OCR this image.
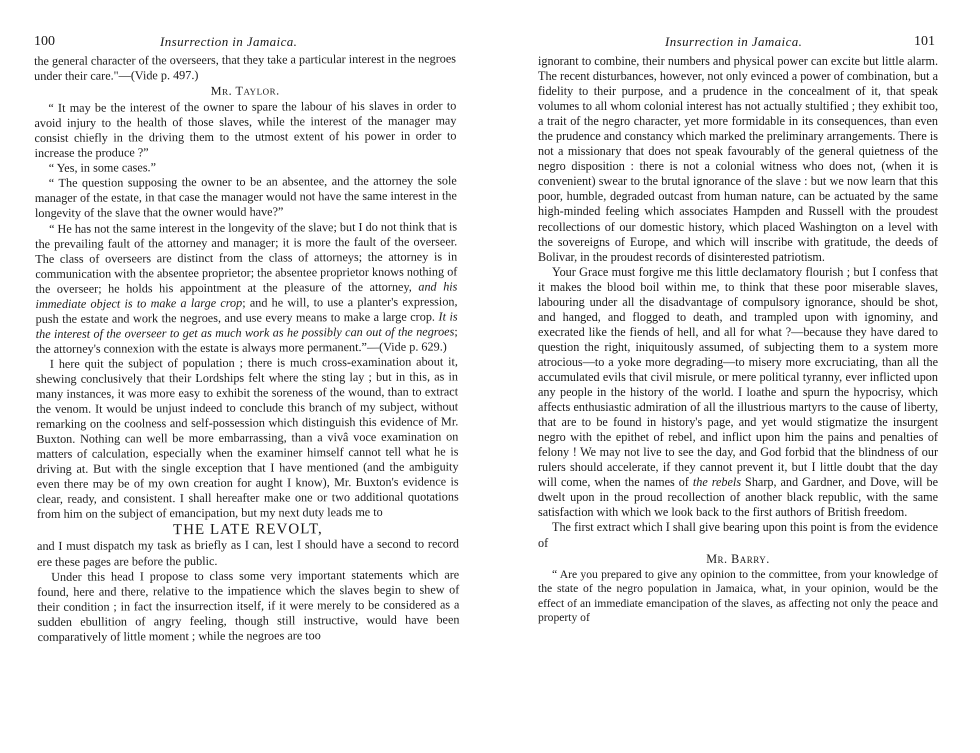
100	Insurrection in Jamaica.

the general character of the overseers, that they take a particular interest in the negroes under their care."—(Vide p. 497.)

Mr. Taylor.

“ It may be the interest of the owner to spare the labour of his slaves in order to avoid injury to the health of those slaves, while the interest of the manager may consist chiefly in the driving them to the utmost extent of his power in order to increase the produce ?”

“ Yes, in some cases.”

“ The question supposing the owner to be an absentee, and the attorney the sole manager of the estate, in that case the manager would not have the same interest in the longevity of the slave that the owner would have?”

“ He has not the same interest in the longevity of the slave; but I do not think that is the prevailing fault of the attorney and manager; it is more the fault of the overseer. The class of overseers are distinct from the class of attorneys; the attorney is in communication with the absentee proprietor; the absentee proprietor knows nothing of the overseer; he holds his appointment at the pleasure of the attorney, and his immediate object is to make a large crop; and he will, to use a planter's expression, push the estate and work the negroes, and use every means to make a large crop. It is the interest of the overseer to get as much work as he possibly can out of the negroes; the attorney's connexion with the estate is always more permanent.”—(Vide p. 629.)

I here quit the subject of population ; there is much cross-examination about it, shewing conclusively that their Lordships felt where the sting lay ; but in this, as in many instances, it was more easy to exhibit the soreness of the wound, than to extract the venom. It would be unjust indeed to conclude this branch of my subject, without remarking on the coolness and self-possession which distinguish this evidence of Mr. Buxton. Nothing can well be more embarrassing, than a vivâ voce examination on matters of calculation, especially when the examiner himself cannot tell what he is driving at. But with the single exception that I have mentioned (and the ambiguity even there may be of my own creation for aught I know), Mr. Buxton's evidence is clear, ready, and consistent. I shall hereafter make one or two additional quotations from him on the subject of emancipation, but my next duty leads me to

THE LATE REVOLT,

and I must dispatch my task as briefly as I can, lest I should have a second to record ere these pages are before the public.

Under this head I propose to class some very important statements which are found, here and there, relative to the impatience which the slaves begin to shew of their condition ; in fact the insurrection itself, if it were merely to be considered as a sudden ebullition of angry feeling, though still instructive, would have been comparatively of little moment ; while the negroes are too

Insurrection in Jamaica.	101

ignorant to combine, their numbers and physical power can excite but little alarm. The recent disturbances, however, not only evinced a power of combination, but a fidelity to their purpose, and a prudence in the concealment of it, that speak volumes to all whom colonial interest has not actually stultified ; they exhibit too, a trait of the negro character, yet more formidable in its consequences, than even the prudence and constancy which marked the preliminary arrangements. There is not a missionary that does not speak favourably of the general quietness of the negro disposition : there is not a colonial witness who does not, (when it is convenient) swear to the brutal ignorance of the slave : but we now learn that this poor, humble, degraded outcast from human nature, can be actuated by the same high-minded feeling which associates Hampden and Russell with the proudest recollections of our domestic history, which placed Washington on a level with the sovereigns of Europe, and which will inscribe with gratitude, the deeds of Bolivar, in the proudest records of disinterested patriotism.

Your Grace must forgive me this little declamatory flourish ; but I confess that it makes the blood boil within me, to think that these poor miserable slaves, labouring under all the disadvantage of compulsory ignorance, should be shot, and hanged, and flogged to death, and trampled upon with ignominy, and execrated like the fiends of hell, and all for what ?—because they have dared to question the right, iniquitously assumed, of subjecting them to a system more atrocious—to a yoke more degrading—to misery more excruciating, than all the accumulated evils that civil misrule, or mere political tyranny, ever inflicted upon any people in the history of the world. I loathe and spurn the hypocrisy, which affects enthusiastic admiration of all the illustrious martyrs to the cause of liberty, that are to be found in history's page, and yet would stigmatize the insurgent negro with the epithet of rebel, and inflict upon him the pains and penalties of felony ! We may not live to see the day, and God forbid that the blindness of our rulers should accelerate, if they cannot prevent it, but I little doubt that the day will come, when the names of the rebels Sharp, and Gardner, and Dove, will be dwelt upon in the proud recollection of another black republic, with the same satisfaction with which we look back to the first authors of British freedom.

The first extract which I shall give bearing upon this point is from the evidence of

Mr. Barry.

“ Are you prepared to give any opinion to the committee, from your knowledge of the state of the negro population in Jamaica, what, in your opinion, would be the effect of an immediate emancipation of the slaves, as affecting not only the peace and property of
